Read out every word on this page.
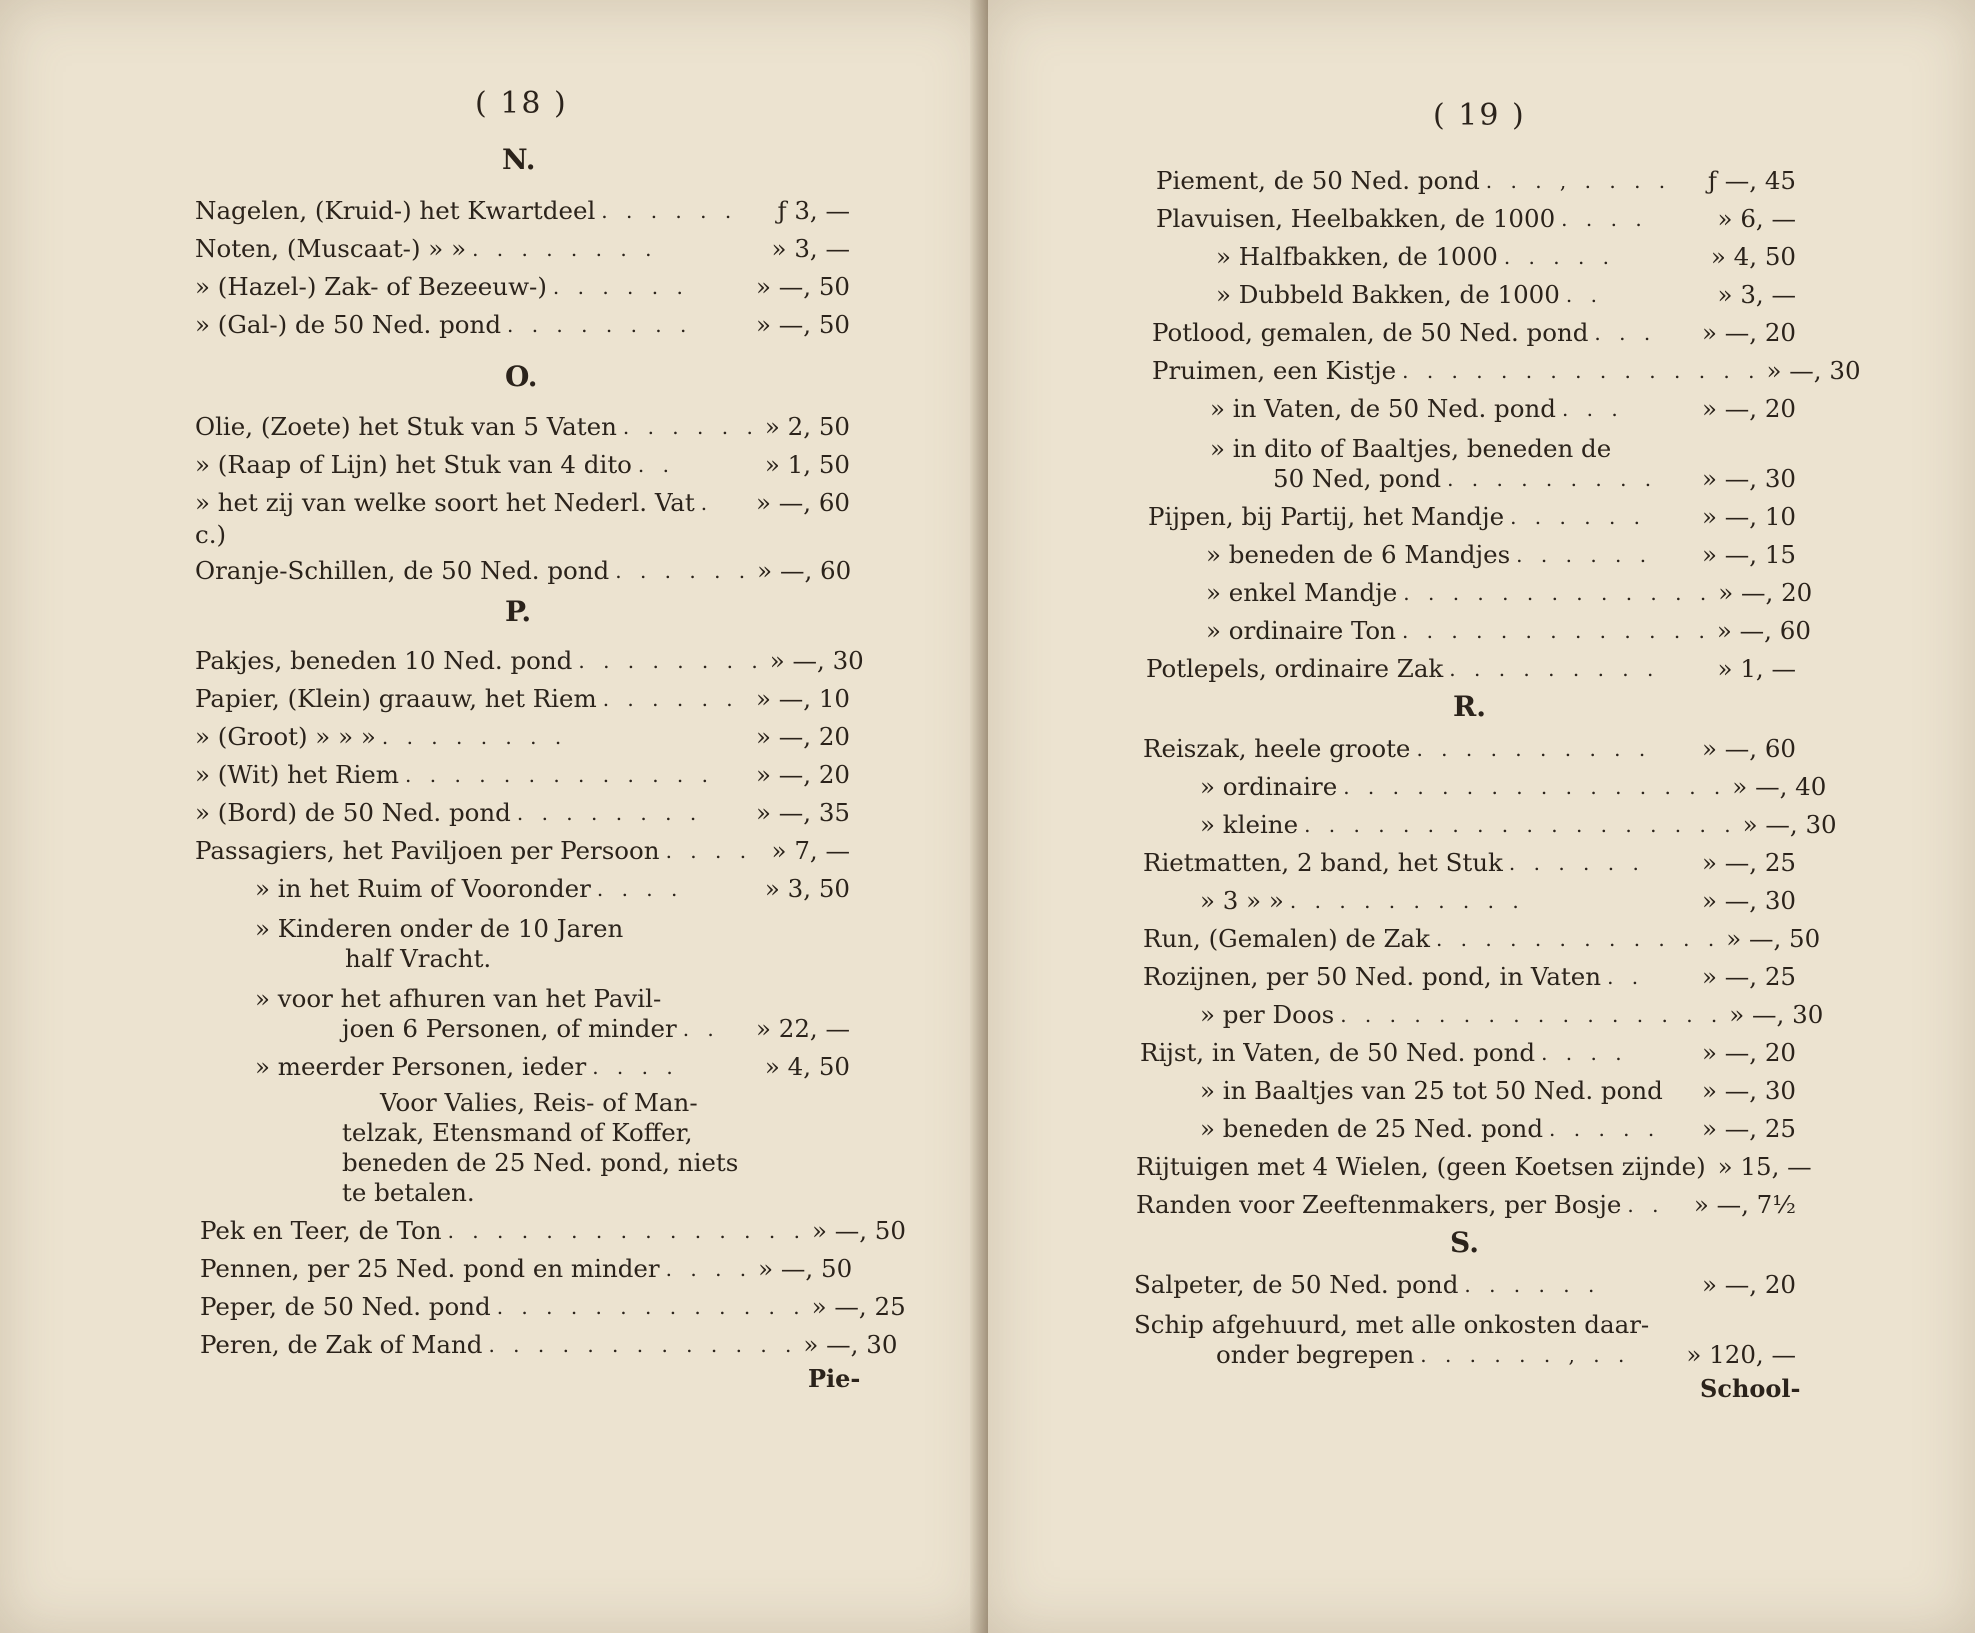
( 18 )
N.
Nagelen, (Kruid-) het Kwartdeel . . . . . .	ƒ 3, —
Noten, (Muscaat-) » » . . . . . . . .	» 3, —
» (Hazel-) Zak- of Bezeeuw-) . . . . . .	» —, 50
» (Gal-) de 50 Ned. pond . . . . . . . .	» —, 50
O.
Olie, (Zoete) het Stuk van 5 Vaten . . . . . . » 2, 50
» (Raap of Lijn) het Stuk van 4 dito . .	» 1, 50
» het zij van welke soort het Nederl. Vat .	» —, 60
c.)
Oranje-Schillen, de 50 Ned. pond . . . . . . » —, 60
P.
Pakjes, beneden 10 Ned. pond . . . . . . . . » —, 30
Papier, (Klein) graauw, het Riem . . . . . . » —, 10
» (Groot) » » » . . . . . . . .	» —, 20
» (Wit) het Riem . . . . . . . . . . . . .	» —, 20
» (Bord) de 50 Ned. pond . . . . . . . .	» —, 35
Passagiers, het Paviljoen per Persoon . . . . » 7, —
» in het Ruim of Vooronder . . . .	» 3, 50
» Kinderen onder de 10 Jaren
half Vracht.
» voor het afhuren van het Pavil-
joen 6 Personen, of minder . .	» 22, —
» meerder Personen, ieder . . . .	» 4, 50
Voor Valies, Reis- of Man-
telzak, Etensmand of Koffer,
beneden de 25 Ned. pond, niets
te betalen.
Pek en Teer, de Ton . . . . . . . . . . . . . . . » —, 50
Pennen, per 25 Ned. pond en minder . . . . » —, 50
Peper, de 50 Ned. pond . . . . . . . . . . . . . » —, 25
Peren, de Zak of Mand . . . . . . . . . . . . . » —, 30
Pie-
( 19 )
Piement, de 50 Ned. pond . . . , . . . .	ƒ —, 45
Plavuisen, Heelbakken, de 1000 . . . .	» 6, —
» Halfbakken, de 1000 . . . . .	» 4, 50
» Dubbeld Bakken, de 1000 . .	» 3, —
Potlood, gemalen, de 50 Ned. pond . . .	» —, 20
Pruimen, een Kistje . . . . . . . . . . . . . . . » —, 30
» in Vaten, de 50 Ned. pond . . .	» —, 20
» in dito of Baaltjes, beneden de
50 Ned, pond . . . . . . . . .	» —, 30
Pijpen, bij Partij, het Mandje . . . . . .	» —, 10
» beneden de 6 Mandjes . . . . . .	» —, 15
» enkel Mandje . . . . . . . . . . . . . » —, 20
» ordinaire Ton . . . . . . . . . . . . . » —, 60
Potlepels, ordinaire Zak . . . . . . . . .	» 1, —
R.
Reiszak, heele groote . . . . . . . . . .	» —, 60
» ordinaire . . . . . . . . . . . . . . . . » —, 40
» kleine . . . . . . . . . . . . . . . . . . » —, 30
Rietmatten, 2 band, het Stuk . . . . . .	» —, 25
» 3 » » . . . . . . . . . .	» —, 30
Run, (Gemalen) de Zak . . . . . . . . . . . . » —, 50
Rozijnen, per 50 Ned. pond, in Vaten . .	» —, 25
» per Doos . . . . . . . . . . . . . . . . » —, 30
Rijst, in Vaten, de 50 Ned. pond . . . .	» —, 20
» in Baaltjes van 25 tot 50 Ned. pond » —, 30
» beneden de 25 Ned. pond . . . . .	» —, 25
Rijtuigen met 4 Wielen, (geen Koetsen zijnde) » 15, —
Randen voor Zeeftenmakers, per Bosje . .	» —, 7½
S.
Salpeter, de 50 Ned. pond . . . . . .	» —, 20
Schip afgehuurd, met alle onkosten daar-
onder begrepen . . . . . . , . .	» 120, —
School-
